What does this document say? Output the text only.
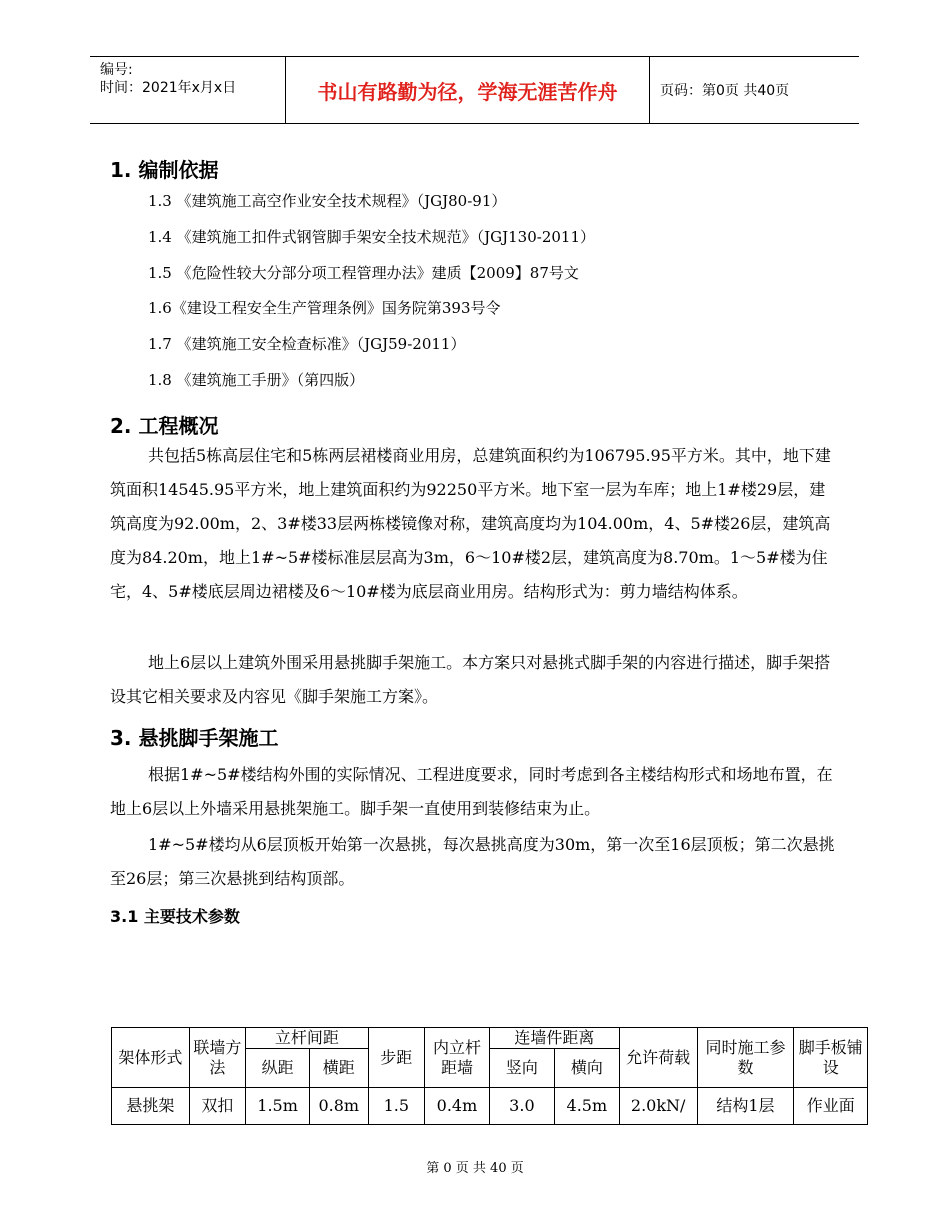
编号:
时间：2021年x月x日	书山有路勤为径，学海无涯苦作舟	页码：第0页 共40页
1. 编制依据

1.3 《建筑施工高空作业安全技术规程》（JGJ80-91）

1.4 《建筑施工扣件式钢管脚手架安全技术规范》（JGJ130-2011）

1.5 《危险性较大分部分项工程管理办法》建质【2009】87号文

1.6《建设工程安全生产管理条例》国务院第393号令

1.7 《建筑施工安全检查标准》（JGJ59-2011）

1.8 《建筑施工手册》（第四版）

2. 工程概况

共包括5栋高层住宅和5栋两层裙楼商业用房，总建筑面积约为106795.95平方米。其中，地下建筑面积14545.95平方米，地上建筑面积约为92250平方米。地下室一层为车库；地上1#楼29层，建筑高度为92.00m，2、3#楼33层两栋楼镜像对称，建筑高度均为104.00m，4、5#楼26层，建筑高度为84.20m，地上1#~5#楼标准层层高为3m，6～10#楼2层，建筑高度为8.70m。1～5#楼为住宅，4、5#楼底层周边裙楼及6～10#楼为底层商业用房。结构形式为：剪力墙结构体系。

地上6层以上建筑外围采用悬挑脚手架施工。本方案只对悬挑式脚手架的内容进行描述，脚手架搭设其它相关要求及内容见《脚手架施工方案》。

3. 悬挑脚手架施工

根据1#~5#楼结构外围的实际情况、工程进度要求，同时考虑到各主楼结构形式和场地布置，在地上6层以上外墙采用悬挑架施工。脚手架一直使用到装修结束为止。

1#~5#楼均从6层顶板开始第一次悬挑，每次悬挑高度为30m，第一次至16层顶板；第二次悬挑至26层；第三次悬挑到结构顶部。

3.1 主要技术参数
架体形式	联墙方法	立杆间距		步距	内立杆距墙	连墙件距离		允许荷载	同时施工参数	脚手板铺设
		纵距	横距			竖向	横向			
悬挑架	双扣	1.5m	0.8m	1.5	0.4m	3.0	4.5m	2.0kN/	结构1层	作业面
第 0 页 共 40 页
